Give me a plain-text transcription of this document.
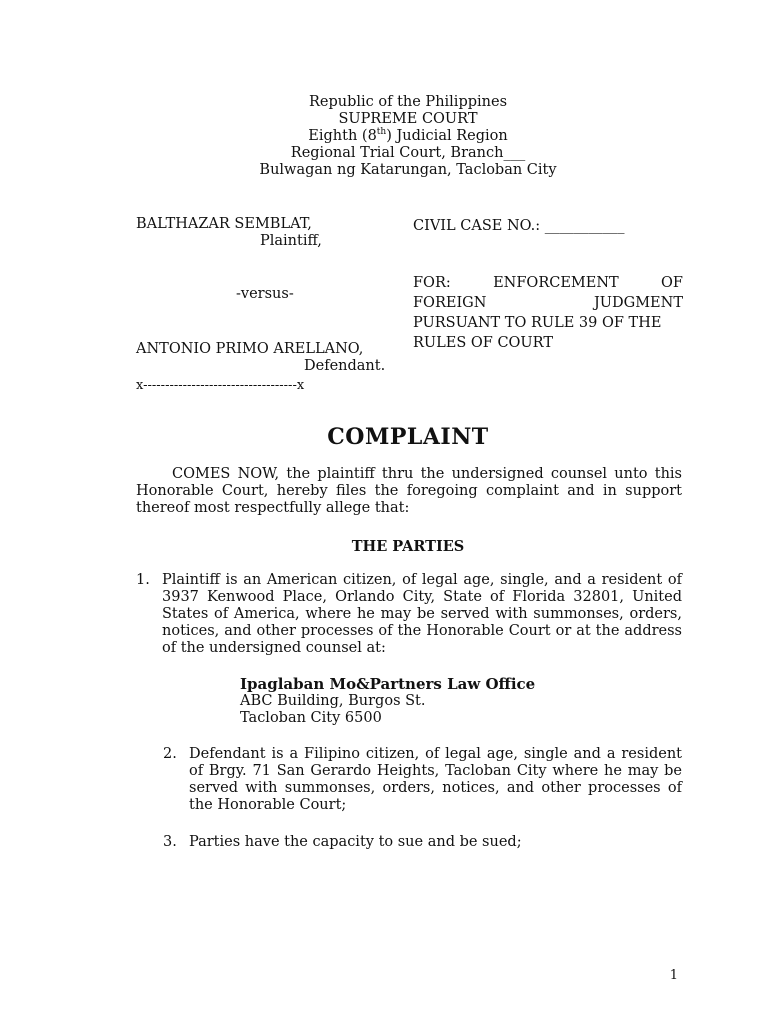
Republic of the Philippines
SUPREME COURT
Eighth (8th) Judicial Region
Regional Trial Court, Branch___
Bulwagan ng Katarungan, Tacloban City
BALTHAZAR SEMBLAT,
Plaintiff,
-versus-
ANTONIO PRIMO ARELLANO,
Defendant.
x-----------------------------------x
CIVIL CASE NO.: ___________
FOR:	ENFORCEMENT	OF
FOREIGN	JUDGMENT
PURSUANT TO RULE 39 OF THE
RULES OF COURT
COMPLAINT
COMES NOW, the plaintiff thru the undersigned counsel unto this Honorable Court, hereby files the foregoing complaint and in support thereof most respectfully allege that:
THE PARTIES
1. Plaintiff is an American citizen, of legal age, single, and a resident of 3937 Kenwood Place, Orlando City, State of Florida 32801, United States of America, where he may be served with summonses, orders, notices, and other processes of the Honorable Court or at the address of the undersigned counsel at:
Ipaglaban Mo&Partners Law Office
ABC Building, Burgos St.
Tacloban City 6500
2. Defendant is a Filipino citizen, of legal age, single and a resident of Brgy. 71 San Gerardo Heights, Tacloban City where he may be served with summonses, orders, notices, and other processes of the Honorable Court;
3. Parties have the capacity to sue and be sued;
1
